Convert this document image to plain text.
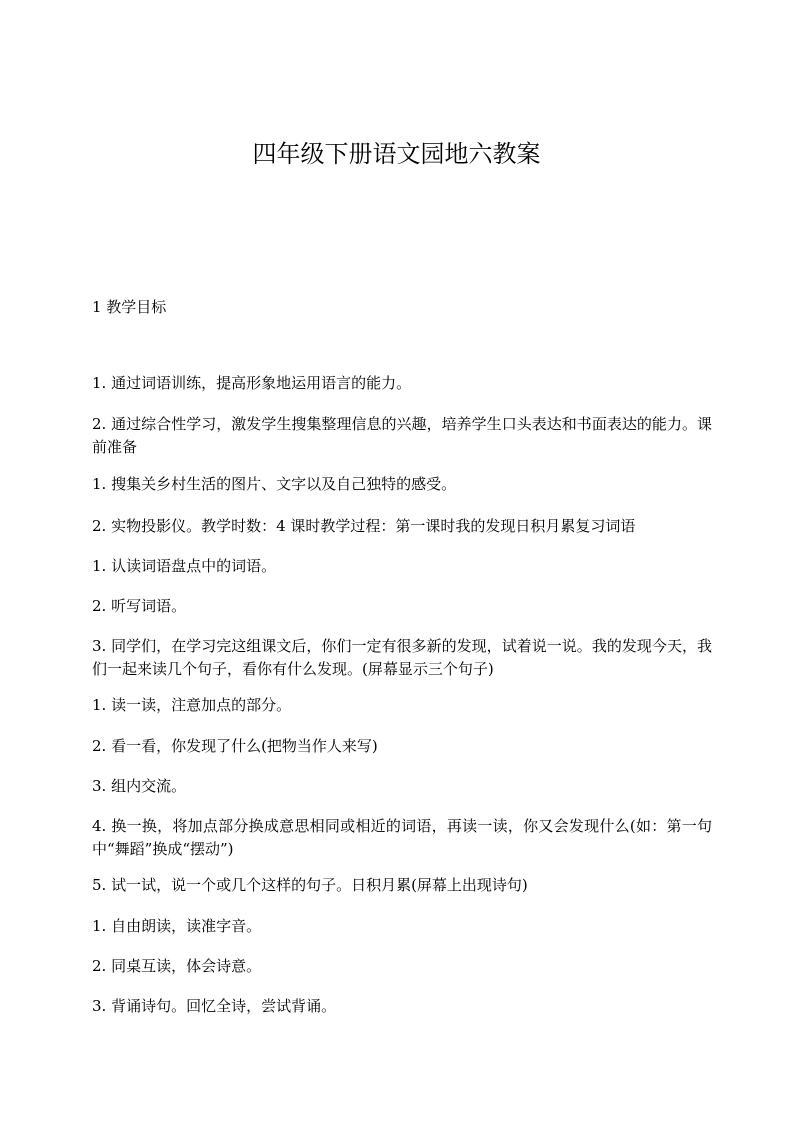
四年级下册语文园地六教案
1 教学目标
1. 通过词语训练，提高形象地运用语言的能力。
2. 通过综合性学习，激发学生搜集整理信息的兴趣，培养学生口头表达和书面表达的能力。课前准备
1. 搜集关乡村生活的图片、文字以及自己独特的感受。
2. 实物投影仪。教学时数：4 课时教学过程：第一课时我的发现日积月累复习词语
1. 认读词语盘点中的词语。
2. 听写词语。
3. 同学们，在学习完这组课文后，你们一定有很多新的发现，试着说一说。我的发现今天，我们一起来读几个句子，看你有什么发现。(屏幕显示三个句子)
1. 读一读，注意加点的部分。
2. 看一看，你发现了什么(把物当作人来写)
3. 组内交流。
4. 换一换，将加点部分换成意思相同或相近的词语，再读一读，你又会发现什么(如：第一句中“舞蹈”换成“摆动”)
5. 试一试，说一个或几个这样的句子。日积月累(屏幕上出现诗句)
1. 自由朗读，读准字音。
2. 同桌互读，体会诗意。
3. 背诵诗句。回忆全诗，尝试背诵。
